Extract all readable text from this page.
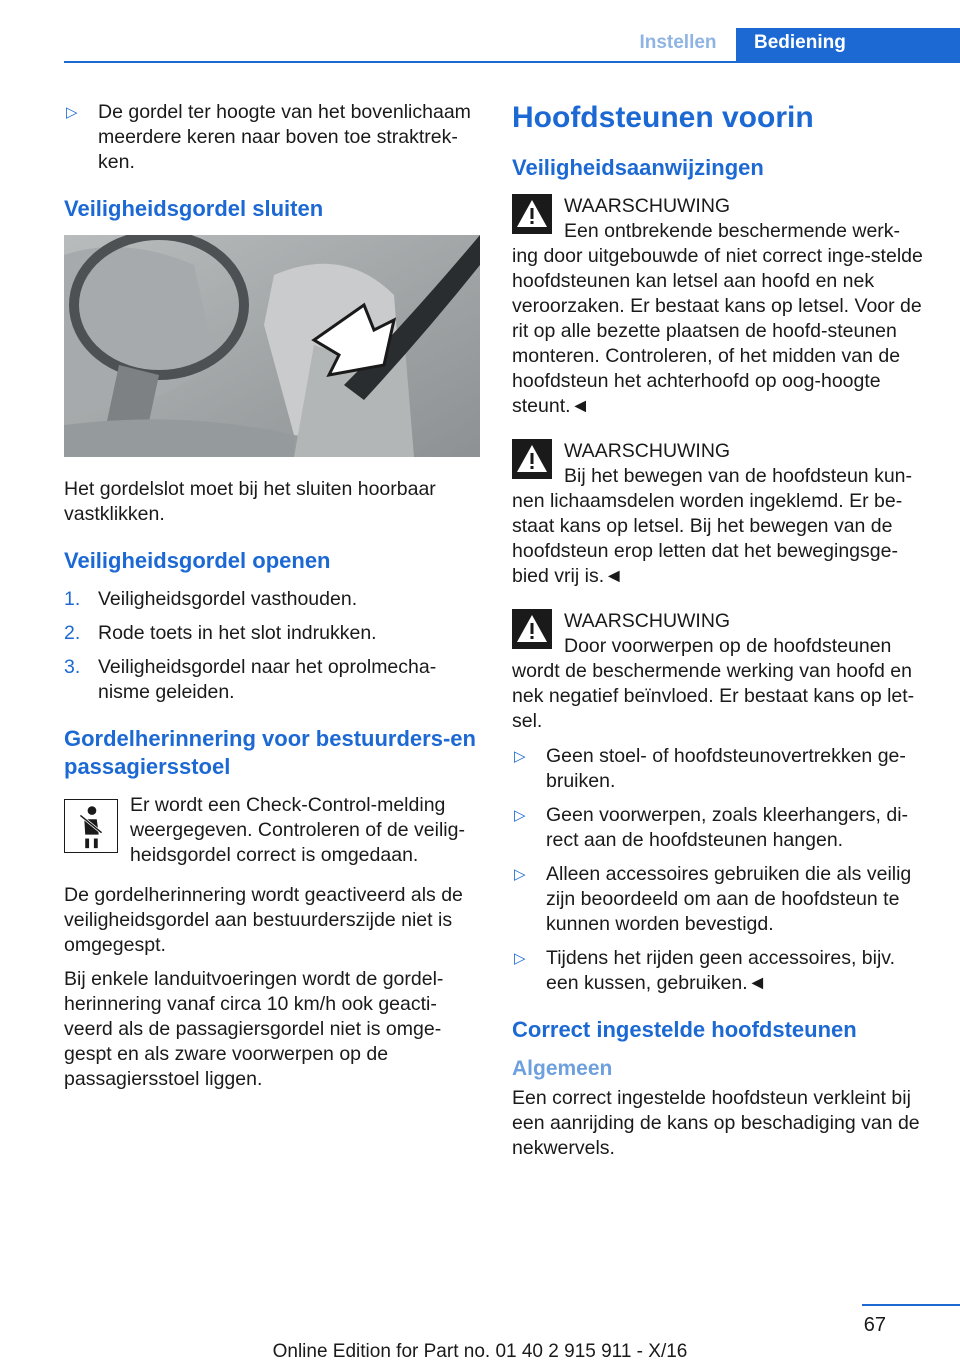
Instellen	Bediening
▷ De gordel ter hoogte van het bovenlichaam meerdere keren naar boven toe straktrek-ken.
Veiligheidsgordel sluiten

Het gordelslot moet bij het sluiten hoorbaar vastklikken.

Veiligheidsgordel openen
1. Veiligheidsgordel vasthouden.
2. Rode toets in het slot indrukken.
3. Veiligheidsgordel naar het oprolmecha-nisme geleiden.
Gordelherinnering voor bestuurders-en passagiersstoel
Er wordt een Check-Control-melding weergegeven. Controleren of de veilig-heidsgordel correct is omgedaan.

De gordelherinnering wordt geactiveerd als de veiligheidsgordel aan bestuurderszijde niet is omgegespt.

Bij enkele landuitvoeringen wordt de gordel-herinnering vanaf circa 10 km/h ook geacti-veerd als de passagiersgordel niet is omge-gespt en als zware voorwerpen op de passagiersstoel liggen.

Hoofdsteunen voorin
Veiligheidsaanwijzingen
WAARSCHUWING
Een ontbrekende beschermende werk-ing door uitgebouwde of niet correct inge-stelde hoofdsteunen kan letsel aan hoofd en nek veroorzaken. Er bestaat kans op letsel. Voor de rit op alle bezette plaatsen de hoofd-steunen monteren. Controleren, of het midden van de hoofdsteun het achterhoofd op oog-hoogte steunt.◄
WAARSCHUWING
Bij het bewegen van de hoofdsteun kun-nen lichaamsdelen worden ingeklemd. Er be-staat kans op letsel. Bij het bewegen van de hoofdsteun erop letten dat het bewegingsge-bied vrij is.◄
WAARSCHUWING
Door voorwerpen op de hoofdsteunen wordt de beschermende werking van hoofd en nek negatief beïnvloed. Er bestaat kans op let-sel.
▷ Geen stoel- of hoofdsteunovertrekken ge-bruiken.
▷ Geen voorwerpen, zoals kleerhangers, di-rect aan de hoofdsteunen hangen.
▷ Alleen accessoires gebruiken die als veilig zijn beoordeeld om aan de hoofdsteun te kunnen worden bevestigd.
▷ Tijdens het rijden geen accessoires, bijv. een kussen, gebruiken.◄
Correct ingestelde hoofdsteunen
Algemeen

Een correct ingestelde hoofdsteun verkleint bij een aanrijding de kans op beschadiging van de nekwervels.

67
Online Edition for Part no. 01 40 2 915 911 - X/16
